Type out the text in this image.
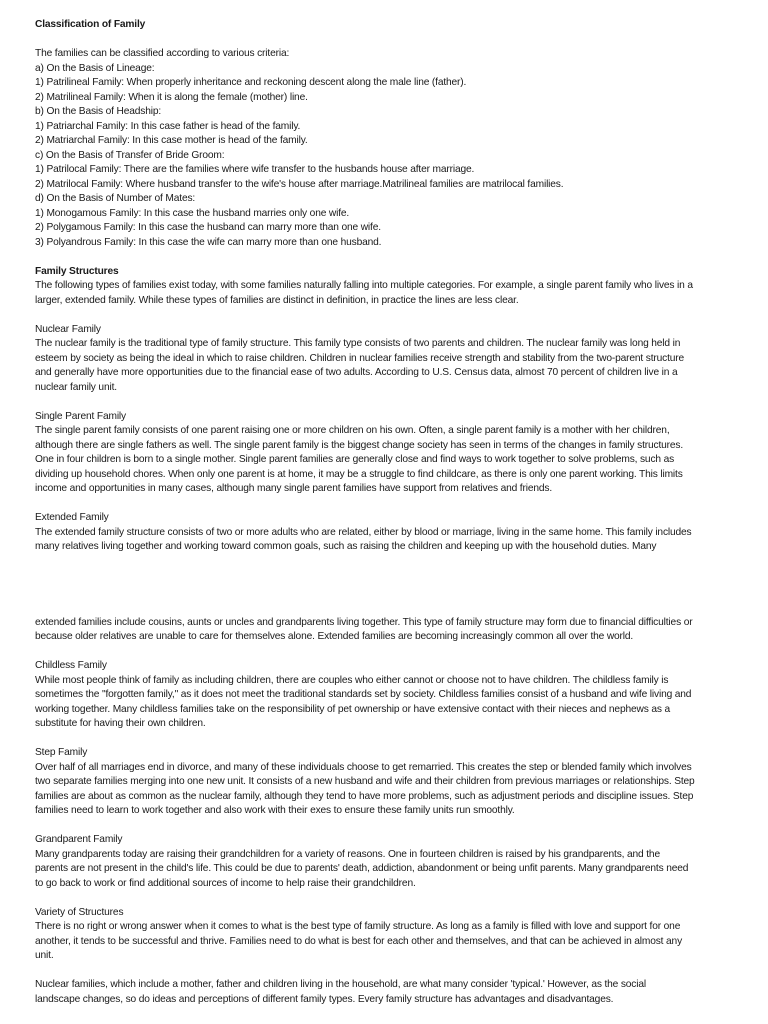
Classification of Family
The families can be classified according to various criteria:
a) On the Basis of Lineage:
1) Patrilineal Family: When properly inheritance and reckoning descent along the male line (father).
2) Matrilineal Family: When it is along the female (mother) line.
b) On the Basis of Headship:
1) Patriarchal Family: In this case father is head of the family.
2) Matriarchal Family: In this case mother is head of the family.
c) On the Basis of Transfer of Bride Groom:
1) Patrilocal Family: There are the families where wife transfer to the husbands house after marriage.
2) Matrilocal Family: Where husband transfer to the wife's house after marriage.Matrilineal families are matrilocal families.
d) On the Basis of Number of Mates:
1) Monogamous Family: In this case the husband marries only one wife.
2) Polygamous Family: In this case the husband can marry more than one wife.
3) Polyandrous Family: In this case the wife can marry more than one husband.
Family Structures
The following types of families exist today, with some families naturally falling into multiple categories. For example, a single parent family who lives in a
larger, extended family. While these types of families are distinct in definition, in practice the lines are less clear.
Nuclear Family
The nuclear family is the traditional type of family structure. This family type consists of two parents and children. The nuclear family was long held in
esteem by society as being the ideal in which to raise children. Children in nuclear families receive strength and stability from the two-parent structure
and generally have more opportunities due to the financial ease of two adults. According to U.S. Census data, almost 70 percent of children live in a
nuclear family unit.
Single Parent Family
The single parent family consists of one parent raising one or more children on his own. Often, a single parent family is a mother with her children,
although there are single fathers as well. The single parent family is the biggest change society has seen in terms of the changes in family structures.
One in four children is born to a single mother. Single parent families are generally close and find ways to work together to solve problems, such as
dividing up household chores. When only one parent is at home, it may be a struggle to find childcare, as there is only one parent working. This limits
income and opportunities in many cases, although many single parent families have support from relatives and friends.
Extended Family
The extended family structure consists of two or more adults who are related, either by blood or marriage, living in the same home. This family includes
many relatives living together and working toward common goals, such as raising the children and keeping up with the household duties. Many
extended families include cousins, aunts or uncles and grandparents living together. This type of family structure may form due to financial difficulties or
because older relatives are unable to care for themselves alone. Extended families are becoming increasingly common all over the world.
Childless Family
While most people think of family as including children, there are couples who either cannot or choose not to have children. The childless family is
sometimes the "forgotten family," as it does not meet the traditional standards set by society. Childless families consist of a husband and wife living and
working together. Many childless families take on the responsibility of pet ownership or have extensive contact with their nieces and nephews as a
substitute for having their own children.
Step Family
Over half of all marriages end in divorce, and many of these individuals choose to get remarried. This creates the step or blended family which involves
two separate families merging into one new unit. It consists of a new husband and wife and their children from previous marriages or relationships. Step
families are about as common as the nuclear family, although they tend to have more problems, such as adjustment periods and discipline issues. Step
families need to learn to work together and also work with their exes to ensure these family units run smoothly.
Grandparent Family
Many grandparents today are raising their grandchildren for a variety of reasons. One in fourteen children is raised by his grandparents, and the
parents are not present in the child's life. This could be due to parents' death, addiction, abandonment or being unfit parents. Many grandparents need
to go back to work or find additional sources of income to help raise their grandchildren.
Variety of Structures
There is no right or wrong answer when it comes to what is the best type of family structure. As long as a family is filled with love and support for one
another, it tends to be successful and thrive. Families need to do what is best for each other and themselves, and that can be achieved in almost any
unit.
Nuclear families, which include a mother, father and children living in the household, are what many consider 'typical.' However, as the social
landscape changes, so do ideas and perceptions of different family types. Every family structure has advantages and disadvantages.
